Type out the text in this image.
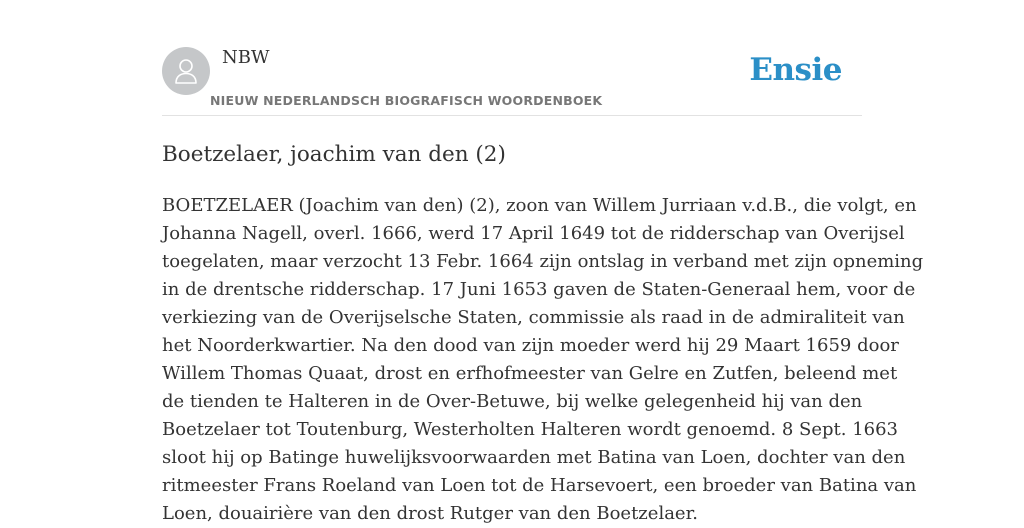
NBW
NIEUW NEDERLANDSCH BIOGRAFISCH WOORDENBOEK
Ensie
Boetzelaer, joachim van den (2)

BOETZELAER (Joachim van den) (2), zoon van Willem Jurriaan v.d.B., die volgt, en
Johanna Nagell, overl. 1666, werd 17 April 1649 tot de ridderschap van Overijsel
toegelaten, maar verzocht 13 Febr. 1664 zijn ontslag in verband met zijn opneming
in de drentsche ridderschap. 17 Juni 1653 gaven de Staten-Generaal hem, voor de
verkiezing van de Overijselsche Staten, commissie als raad in de admiraliteit van
het Noorderkwartier. Na den dood van zijn moeder werd hij 29 Maart 1659 door
Willem Thomas Quaat, drost en erfhofmeester van Gelre en Zutfen, beleend met
de tienden te Halteren in de Over-Betuwe, bij welke gelegenheid hij van den
Boetzelaer tot Toutenburg, Westerholten Halteren wordt genoemd. 8 Sept. 1663
sloot hij op Batinge huwelijksvoorwaarden met Batina van Loen, dochter van den
ritmeester Frans Roeland van Loen tot de Harsevoert, een broeder van Batina van
Loen, douairière van den drost Rutger van den Boetzelaer.
